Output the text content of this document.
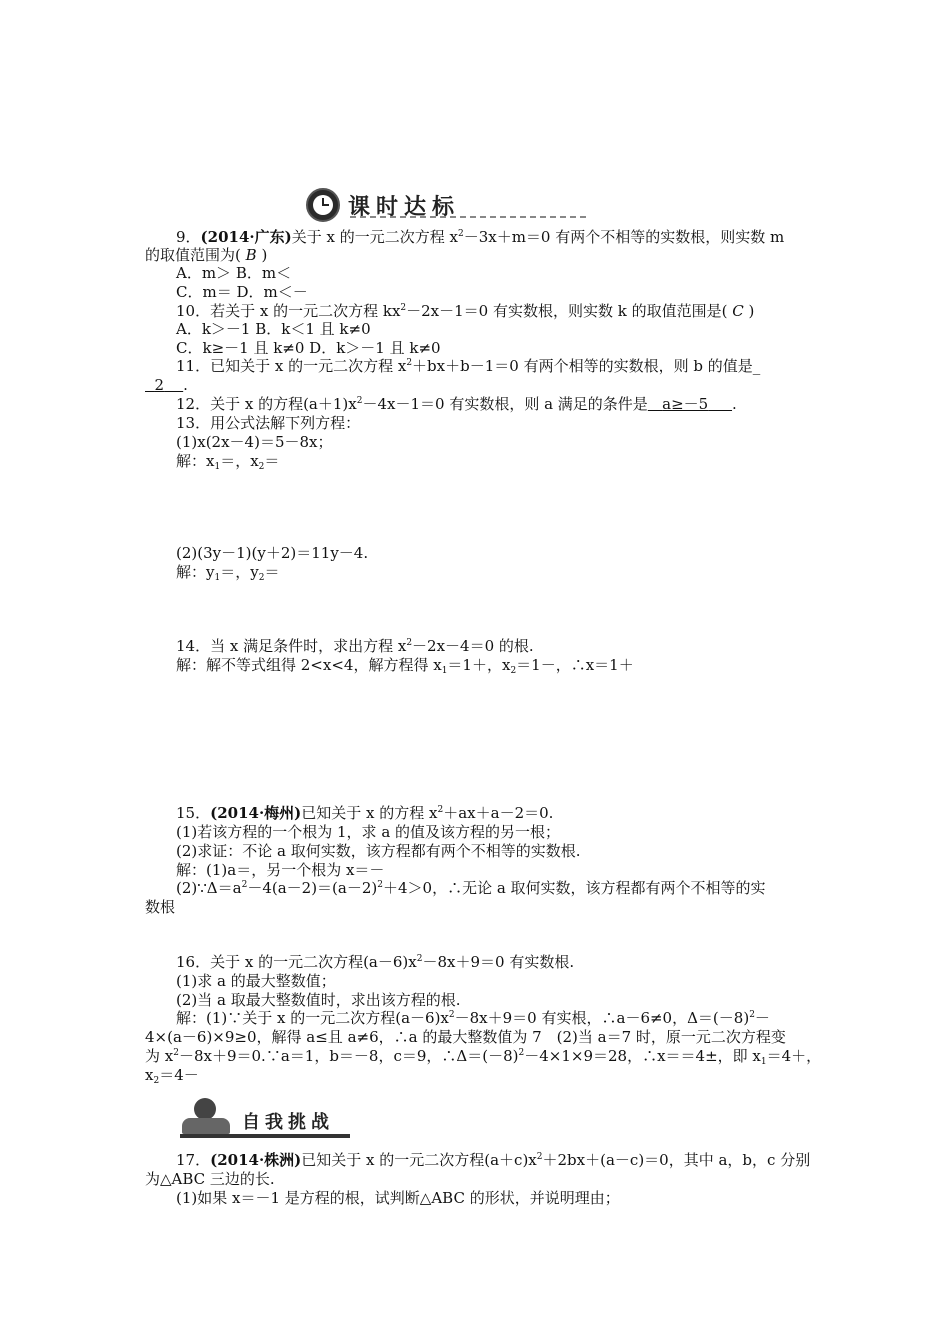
课时达标
9．(2014·广东)关于 x 的一元二次方程 $x^2-3x+m=0$ 有两个不相等的实数根，则实数 m
的取值范围为( B )
A．m＞ B．m＜
C．m＝ D．m＜－
10．若关于 x 的一元二次方程 $kx^2-2x-1=0$ 有实数根，则实数 k 的取值范围是( C )
A．k＞－1 B．k＜1 且 k≠0
C．k≥－1 且 k≠0 D．k＞－1 且 k≠0
11．已知关于 x 的一元二次方程 $x^2+bx+b-1=0$ 有两个相等的实数根，则 b 的值是_
2 .
12．关于 x 的方程$(a+1)x^2-4x-1=0$ 有实数根，则 a 满足的条件是 a≥－5 .
13．用公式法解下列方程：
(1)x(2x－4)＝5－8x；
解：$x_1=$，$x_2=$
(2)(3y－1)(y＋2)＝11y－4.
解：$y_1=$，$y_2=$
14．当 x 满足条件时，求出方程 $x^2-2x-4=0$ 的根.
解：解不等式组得 2<x<4，解方程得 $x_1=1+$，$x_2=1-$，∴x＝1＋
15．(2014·梅州)已知关于 x 的方程 $x^2+ax+a-2=0$.
(1)若该方程的一个根为 1，求 a 的值及该方程的另一根；
(2)求证：不论 a 取何实数，该方程都有两个不相等的实数根.
解：(1)a＝，另一个根为 x＝－
$(2)\because\Delta=a^2-4(a-2)=(a-2)^2+4>0$，∴无论 a 取何实数，该方程都有两个不相等的实
数根
16．关于 x 的一元二次方程$(a-6)x^2-8x+9=0$ 有实数根.
(1)求 a 的最大整数值；
(2)当 a 取最大整数值时，求出该方程的根.
解：(1)∵关于 x 的一元二次方程$(a-6)x^2-8x+9=0$ 有实根，∴a－6≠0，$\Delta=(-8)^2-$
4×(a－6)×9≥0，解得 a≤且 a≠6，∴a 的最大整数值为 7　(2)当 a＝7 时，原一元二次方程变
为 $x^2-8x+9=0.\because a=1$，b＝－8，c＝9，$\therefore\Delta=(-8)^2-4\times 1\times 9=28$，∴x＝＝4±，即 $x_1=4+$，
$x_2=4-$
自我挑战
17．(2014·株洲)已知关于 x 的一元二次方程$(a+c)x^2+2bx+(a-c)=0$，其中 a，b，c 分别
为△ABC 三边的长.
(1)如果 x＝－1 是方程的根，试判断△ABC 的形状，并说明理由；
